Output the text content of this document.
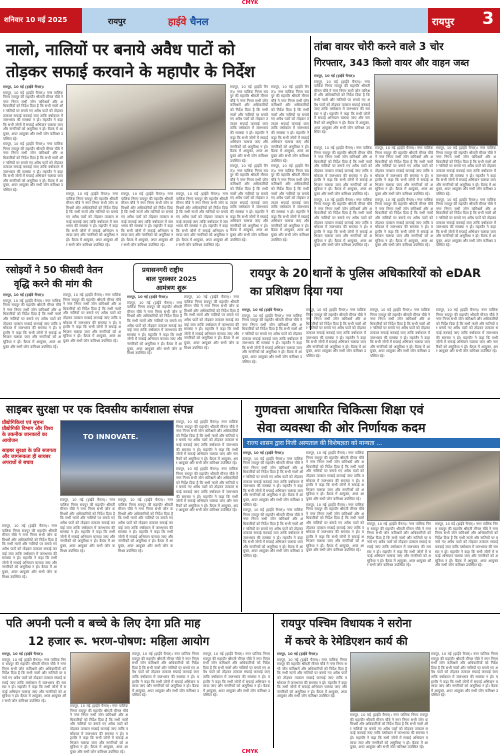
CMYK
शनिवार 10 मई 2025	रायपुर	हाईवे चैनल	रायपुर 3
नालो, नालियों पर बनाये अवैध पाटों को
तोड़कर सफाई करवाने के महापौर के निर्देश

रायपुर, 10 मई (हाईवे चैनल)।

रायपुर, 10 मई (हाईवे चैनल)। नगर पालिक निगम रायपुर की महापौर श्रीमती मीनल चौबे ने नगर निगम सभी जोन कमिश्नरों और अधिकारियों को निर्देश दिया है कि सभी नालों और नालियों पर बनाये गए अवैध पाटों को तोड़कर तत्काल सफाई करवाई जाए ताकि वर्षाकाल में जलभराव की समस्या न हो। महापौर ने कहा कि सभी जोनों में सफाई अभियान चलाया जाए और नागरिकों को असुविधा न हो। बैठक में आयुक्त, अपर आयुक्त और सभी जोन कमिश्नर उपस्थित रहे।

रायपुर, 10 मई (हाईवे चैनल)। नगर पालिक निगम रायपुर की महापौर श्रीमती मीनल चौबे ने नगर निगम सभी जोन कमिश्नरों और अधिकारियों को निर्देश दिया है कि सभी नालों और नालियों पर बनाये गए अवैध पाटों को तोड़कर तत्काल सफाई करवाई जाए ताकि वर्षाकाल में जलभराव की समस्या न हो। महापौर ने कहा कि सभी जोनों में सफाई अभियान चलाया जाए और नागरिकों को असुविधा न हो। बैठक में आयुक्त, अपर आयुक्त और सभी जोन कमिश्नर उपस्थित रहे।

रायपुर, 10 मई (हाईवे चैनल)। नगर पालिक निगम रायपुर की महापौर श्रीमती मीनल चौबे ने नगर निगम सभी जोन कमिश्नरों और अधिकारियों को निर्देश दिया है कि सभी नालों और नालियों पर बनाये गए अवैध पाटों को तोड़कर तत्काल सफाई करवाई जाए ताकि वर्षाकाल में जलभराव की समस्या न हो। महापौर ने कहा कि सभी जोनों में सफाई अभियान चलाया जाए और नागरिकों को असुविधा न हो। बैठक में आयुक्त, अपर आयुक्त और सभी जोन कमिश्नर उपस्थित रहे।

रायपुर, 10 मई (हाईवे चैनल)। नगर पालिक निगम रायपुर की महापौर श्रीमती मीनल चौबे ने नगर निगम सभी जोन कमिश्नरों और अधिकारियों को निर्देश दिया है कि सभी नालों और नालियों पर बनाये गए अवैध पाटों को तोड़कर तत्काल सफाई करवाई जाए ताकि वर्षाकाल में जलभराव की समस्या न हो। महापौर ने कहा कि सभी जोनों में सफाई अभियान चलाया जाए और नागरिकों को असुविधा न हो। बैठक में आयुक्त, अपर आयुक्त और सभी जोन कमिश्नर उपस्थित रहे।

रायपुर, 10 मई (हाईवे चैनल)। नगर पालिक निगम रायपुर की महापौर श्रीमती मीनल चौबे ने नगर निगम सभी जोन कमिश्नरों और अधिकारियों को निर्देश दिया है कि सभी नालों और नालियों पर बनाये गए अवैध पाटों को तोड़कर तत्काल सफाई करवाई जाए ताकि वर्षाकाल में जलभराव की समस्या न हो। महापौर ने कहा कि सभी जोनों में सफाई अभियान चलाया जाए और नागरिकों को असुविधा न हो। बैठक में आयुक्त, अपर आयुक्त और सभी जोन कमिश्नर उपस्थित रहे।

रायपुर, 10 मई (हाईवे चैनल)। नगर पालिक निगम रायपुर की महापौर श्रीमती मीनल चौबे ने नगर निगम सभी जोन कमिश्नरों और अधिकारियों को निर्देश दिया है कि सभी नालों और नालियों पर बनाये गए अवैध पाटों को तोड़कर तत्काल सफाई करवाई जाए ताकि वर्षाकाल में जलभराव की समस्या न हो। महापौर ने कहा कि सभी जोनों में सफाई अभियान चलाया जाए और नागरिकों को असुविधा न हो। बैठक में आयुक्त, अपर आयुक्त और सभी जोन कमिश्नर उपस्थित रहे।

रायपुर, 10 मई (हाईवे चैनल)। नगर पालिक निगम रायपुर की महापौर श्रीमती मीनल चौबे ने नगर निगम सभी जोन कमिश्नरों और अधिकारियों को निर्देश दिया है कि सभी नालों और नालियों पर बनाये गए अवैध पाटों को तोड़कर तत्काल सफाई करवाई जाए ताकि वर्षाकाल में जलभराव की समस्या न हो। महापौर ने कहा कि सभी जोनों में सफाई अभियान चलाया जाए और नागरिकों को असुविधा न हो। बैठक में आयुक्त, अपर आयुक्त और सभी जोन कमिश्नर उपस्थित रहे।

रायपुर, 10 मई (हाईवे चैनल)। नगर पालिक निगम रायपुर की महापौर श्रीमती मीनल चौबे ने नगर निगम सभी जोन कमिश्नरों और अधिकारियों को निर्देश दिया है कि सभी नालों और नालियों पर बनाये गए अवैध पाटों को तोड़कर तत्काल सफाई करवाई जाए ताकि वर्षाकाल में जलभराव की समस्या न हो। महापौर ने कहा कि सभी जोनों में सफाई अभियान चलाया जाए और नागरिकों को असुविधा न हो। बैठक में आयुक्त, अपर आयुक्त और सभी जोन कमिश्नर उपस्थित रहे।

रायपुर, 10 मई (हाईवे चैनल)। नगर पालिक निगम रायपुर की महापौर श्रीमती मीनल चौबे ने नगर निगम सभी जोन कमिश्नरों और अधिकारियों को निर्देश दिया है कि सभी नालों और नालियों पर बनाये गए अवैध पाटों को तोड़कर तत्काल सफाई करवाई जाए ताकि वर्षाकाल में जलभराव की समस्या न हो। महापौर ने कहा कि सभी जोनों में सफाई अभियान चलाया जाए और नागरिकों को असुविधा न हो। बैठक में आयुक्त, अपर आयुक्त और सभी जोन कमिश्नर उपस्थित रहे।

तांबा वायर चोरी करने वाले 3 चोर
गिरफ्तार, 343 किलो वायर और वाहन जब्त

रायपुर, 10 मई (हाईवे चैनल)।

रायपुर, 10 मई (हाईवे चैनल)। नगर पालिक निगम रायपुर की महापौर श्रीमती मीनल चौबे ने नगर निगम सभी जोन कमिश्नरों और अधिकारियों को निर्देश दिया है कि सभी नालों और नालियों पर बनाये गए अवैध पाटों को तोड़कर तत्काल सफाई करवाई जाए ताकि वर्षाकाल में जलभराव की समस्या न हो। महापौर ने कहा कि सभी जोनों में सफाई अभियान चलाया जाए और नागरिकों को असुविधा न हो। बैठक में आयुक्त, अपर आयुक्त और सभी जोन कमिश्नर उपस्थित रहे।

रायपुर, 10 मई (हाईवे चैनल)। नगर पालिक निगम रायपुर की महापौर श्रीमती मीनल चौबे ने नगर निगम सभी जोन कमिश्नरों और अधिकारियों को निर्देश दिया है कि सभी नालों और नालियों पर बनाये गए अवैध पाटों को तोड़कर तत्काल सफाई करवाई जाए ताकि वर्षाकाल में जलभराव की समस्या न हो। महापौर ने कहा कि सभी जोनों में सफाई अभियान चलाया जाए और नागरिकों को असुविधा न हो। बैठक में आयुक्त, अपर आयुक्त और सभी जोन कमिश्नर उपस्थित रहे।

रायपुर, 10 मई (हाईवे चैनल)। नगर पालिक निगम रायपुर की महापौर श्रीमती मीनल चौबे ने नगर निगम सभी जोन कमिश्नरों और अधिकारियों को निर्देश दिया है कि सभी नालों और नालियों पर बनाये गए अवैध पाटों को तोड़कर तत्काल सफाई करवाई जाए ताकि वर्षाकाल में जलभराव की समस्या न हो। महापौर ने कहा कि सभी जोनों में सफाई अभियान चलाया जाए और नागरिकों को असुविधा न हो। बैठक में आयुक्त, अपर आयुक्त और सभी जोन कमिश्नर उपस्थित रहे।

रायपुर, 10 मई (हाईवे चैनल)। नगर पालिक निगम रायपुर की महापौर श्रीमती मीनल चौबे ने नगर निगम सभी जोन कमिश्नरों और अधिकारियों को निर्देश दिया है कि सभी नालों और नालियों पर बनाये गए अवैध पाटों को तोड़कर तत्काल सफाई करवाई जाए ताकि वर्षाकाल में जलभराव की समस्या न हो। महापौर ने कहा कि सभी जोनों में सफाई अभियान चलाया जाए और नागरिकों को असुविधा न हो। बैठक में आयुक्त, अपर आयुक्त और सभी जोन कमिश्नर उपस्थित रहे।

रायपुर, 10 मई (हाईवे चैनल)। नगर पालिक निगम रायपुर की महापौर श्रीमती मीनल चौबे ने नगर निगम सभी जोन कमिश्नरों और अधिकारियों को निर्देश दिया है कि सभी नालों और नालियों पर बनाये गए अवैध पाटों को तोड़कर तत्काल सफाई करवाई जाए ताकि वर्षाकाल में जलभराव की समस्या न हो। महापौर ने कहा कि सभी जोनों में सफाई अभियान चलाया जाए और नागरिकों को असुविधा न हो। बैठक में आयुक्त, अपर आयुक्त और सभी जोन कमिश्नर उपस्थित रहे।

रायपुर, 10 मई (हाईवे चैनल)। नगर पालिक निगम रायपुर की महापौर श्रीमती मीनल चौबे ने नगर निगम सभी जोन कमिश्नरों और अधिकारियों को निर्देश दिया है कि सभी नालों और नालियों पर बनाये गए अवैध पाटों को तोड़कर तत्काल सफाई करवाई जाए ताकि वर्षाकाल में जलभराव की समस्या न हो। महापौर ने कहा कि सभी जोनों में सफाई अभियान चलाया जाए और नागरिकों को असुविधा न हो। बैठक में आयुक्त, अपर आयुक्त और सभी जोन कमिश्नर उपस्थित रहे।

रायपुर, 10 मई (हाईवे चैनल)। नगर पालिक निगम रायपुर की महापौर श्रीमती मीनल चौबे ने नगर निगम सभी जोन कमिश्नरों और अधिकारियों को निर्देश दिया है कि सभी नालों और नालियों पर बनाये गए अवैध पाटों को तोड़कर तत्काल सफाई करवाई जाए ताकि वर्षाकाल में जलभराव की समस्या न हो। महापौर ने कहा कि सभी जोनों में सफाई अभियान चलाया जाए और नागरिकों को असुविधा न हो। बैठक में आयुक्त, अपर आयुक्त और सभी जोन कमिश्नर उपस्थित रहे।

रसोइयों ने 50 फीसदी वेतन
वृद्धि करने की मांग की

रायपुर, 10 मई (हाईवे चैनल)।

रायपुर, 10 मई (हाईवे चैनल)। नगर पालिक निगम रायपुर की महापौर श्रीमती मीनल चौबे ने नगर निगम सभी जोन कमिश्नरों और अधिकारियों को निर्देश दिया है कि सभी नालों और नालियों पर बनाये गए अवैध पाटों को तोड़कर तत्काल सफाई करवाई जाए ताकि वर्षाकाल में जलभराव की समस्या न हो। महापौर ने कहा कि सभी जोनों में सफाई अभियान चलाया जाए और नागरिकों को असुविधा न हो। बैठक में आयुक्त, अपर आयुक्त और सभी जोन कमिश्नर उपस्थित रहे।

रायपुर, 10 मई (हाईवे चैनल)। नगर पालिक निगम रायपुर की महापौर श्रीमती मीनल चौबे ने नगर निगम सभी जोन कमिश्नरों और अधिकारियों को निर्देश दिया है कि सभी नालों और नालियों पर बनाये गए अवैध पाटों को तोड़कर तत्काल सफाई करवाई जाए ताकि वर्षाकाल में जलभराव की समस्या न हो। महापौर ने कहा कि सभी जोनों में सफाई अभियान चलाया जाए और नागरिकों को असुविधा न हो। बैठक में आयुक्त, अपर आयुक्त और सभी जोन कमिश्नर उपस्थित रहे।

प्रयासनगरी राष्ट्रीय
बाल पुरस्कार 2025
आमंत्रण शुरू

रायपुर, 10 मई (हाईवे चैनल)।

रायपुर, 10 मई (हाईवे चैनल)। नगर पालिक निगम रायपुर की महापौर श्रीमती मीनल चौबे ने नगर निगम सभी जोन कमिश्नरों और अधिकारियों को निर्देश दिया है कि सभी नालों और नालियों पर बनाये गए अवैध पाटों को तोड़कर तत्काल सफाई करवाई जाए ताकि वर्षाकाल में जलभराव की समस्या न हो। महापौर ने कहा कि सभी जोनों में सफाई अभियान चलाया जाए और नागरिकों को असुविधा न हो। बैठक में आयुक्त, अपर आयुक्त और सभी जोन कमिश्नर उपस्थित रहे।

रायपुर, 10 मई (हाईवे चैनल)। नगर पालिक निगम रायपुर की महापौर श्रीमती मीनल चौबे ने नगर निगम सभी जोन कमिश्नरों और अधिकारियों को निर्देश दिया है कि सभी नालों और नालियों पर बनाये गए अवैध पाटों को तोड़कर तत्काल सफाई करवाई जाए ताकि वर्षाकाल में जलभराव की समस्या न हो। महापौर ने कहा कि सभी जोनों में सफाई अभियान चलाया जाए और नागरिकों को असुविधा न हो। बैठक में आयुक्त, अपर आयुक्त और सभी जोन कमिश्नर उपस्थित रहे।

रायपुर के 20 थानों के पुलिस अधिकारियों को eDAR का प्रशिक्षण दिया गया

रायपुर, 10 मई (हाईवे चैनल)।

रायपुर, 10 मई (हाईवे चैनल)। नगर पालिक निगम रायपुर की महापौर श्रीमती मीनल चौबे ने नगर निगम सभी जोन कमिश्नरों और अधिकारियों को निर्देश दिया है कि सभी नालों और नालियों पर बनाये गए अवैध पाटों को तोड़कर तत्काल सफाई करवाई जाए ताकि वर्षाकाल में जलभराव की समस्या न हो। महापौर ने कहा कि सभी जोनों में सफाई अभियान चलाया जाए और नागरिकों को असुविधा न हो। बैठक में आयुक्त, अपर आयुक्त और सभी जोन कमिश्नर उपस्थित रहे।

रायपुर, 10 मई (हाईवे चैनल)। नगर पालिक निगम रायपुर की महापौर श्रीमती मीनल चौबे ने नगर निगम सभी जोन कमिश्नरों और अधिकारियों को निर्देश दिया है कि सभी नालों और नालियों पर बनाये गए अवैध पाटों को तोड़कर तत्काल सफाई करवाई जाए ताकि वर्षाकाल में जलभराव की समस्या न हो। महापौर ने कहा कि सभी जोनों में सफाई अभियान चलाया जाए और नागरिकों को असुविधा न हो। बैठक में आयुक्त, अपर आयुक्त और सभी जोन कमिश्नर उपस्थित रहे।

रायपुर, 10 मई (हाईवे चैनल)। नगर पालिक निगम रायपुर की महापौर श्रीमती मीनल चौबे ने नगर निगम सभी जोन कमिश्नरों और अधिकारियों को निर्देश दिया है कि सभी नालों और नालियों पर बनाये गए अवैध पाटों को तोड़कर तत्काल सफाई करवाई जाए ताकि वर्षाकाल में जलभराव की समस्या न हो। महापौर ने कहा कि सभी जोनों में सफाई अभियान चलाया जाए और नागरिकों को असुविधा न हो। बैठक में आयुक्त, अपर आयुक्त और सभी जोन कमिश्नर उपस्थित रहे।

रायपुर, 10 मई (हाईवे चैनल)। नगर पालिक निगम रायपुर की महापौर श्रीमती मीनल चौबे ने नगर निगम सभी जोन कमिश्नरों और अधिकारियों को निर्देश दिया है कि सभी नालों और नालियों पर बनाये गए अवैध पाटों को तोड़कर तत्काल सफाई करवाई जाए ताकि वर्षाकाल में जलभराव की समस्या न हो। महापौर ने कहा कि सभी जोनों में सफाई अभियान चलाया जाए और नागरिकों को असुविधा न हो। बैठक में आयुक्त, अपर आयुक्त और सभी जोन कमिश्नर उपस्थित रहे।

साइबर सुरक्षा पर एक दिवसीय कार्यशाला संपन्न
प्रौद्योगिकियां एवं सूचना प्रौद्योगिकी विभाग और विश्व के तकनीक जानकारों का आयोजन
साइबर सुरक्षा के प्रति सजगता और जागरूकता ही सायबर अपराधों से बचाव
TO INNOVATE.

रायपुर, 10 मई (हाईवे चैनल)। नगर पालिक निगम रायपुर की महापौर श्रीमती मीनल चौबे ने नगर निगम सभी जोन कमिश्नरों और अधिकारियों को निर्देश दिया है कि सभी नालों और नालियों पर बनाये गए अवैध पाटों को तोड़कर तत्काल सफाई करवाई जाए ताकि वर्षाकाल में जलभराव की समस्या न हो। महापौर ने कहा कि सभी जोनों में सफाई अभियान चलाया जाए और नागरिकों को असुविधा न हो। बैठक में आयुक्त, अपर आयुक्त और सभी जोन कमिश्नर उपस्थित रहे।

रायपुर, 10 मई (हाईवे चैनल)। नगर पालिक निगम रायपुर की महापौर श्रीमती मीनल चौबे ने नगर निगम सभी जोन कमिश्नरों और अधिकारियों को निर्देश दिया है कि सभी नालों और नालियों पर बनाये गए अवैध पाटों को तोड़कर तत्काल सफाई करवाई जाए ताकि वर्षाकाल में जलभराव की समस्या न हो। महापौर ने कहा कि सभी जोनों में सफाई अभियान चलाया जाए और नागरिकों को असुविधा न हो। बैठक में आयुक्त, अपर आयुक्त और सभी जोन कमिश्नर उपस्थित रहे।

रायपुर, 10 मई (हाईवे चैनल)। नगर पालिक निगम रायपुर की महापौर श्रीमती मीनल चौबे ने नगर निगम सभी जोन कमिश्नरों और अधिकारियों को निर्देश दिया है कि सभी नालों और नालियों पर बनाये गए अवैध पाटों को तोड़कर तत्काल सफाई करवाई जाए ताकि वर्षाकाल में जलभराव की समस्या न हो। महापौर ने कहा कि सभी जोनों में सफाई अभियान चलाया जाए और नागरिकों को असुविधा न हो। बैठक में आयुक्त, अपर आयुक्त और सभी जोन कमिश्नर उपस्थित रहे।

रायपुर, 10 मई (हाईवे चैनल)। नगर पालिक निगम रायपुर की महापौर श्रीमती मीनल चौबे ने नगर निगम सभी जोन कमिश्नरों और अधिकारियों को निर्देश दिया है कि सभी नालों और नालियों पर बनाये गए अवैध पाटों को तोड़कर तत्काल सफाई करवाई जाए ताकि वर्षाकाल में जलभराव की समस्या न हो। महापौर ने कहा कि सभी जोनों में सफाई अभियान चलाया जाए और नागरिकों को असुविधा न हो। बैठक में आयुक्त, अपर आयुक्त और सभी जोन कमिश्नर उपस्थित रहे।

रायपुर, 10 मई (हाईवे चैनल)। नगर पालिक निगम रायपुर की महापौर श्रीमती मीनल चौबे ने नगर निगम सभी जोन कमिश्नरों और अधिकारियों को निर्देश दिया है कि सभी नालों और नालियों पर बनाये गए अवैध पाटों को तोड़कर तत्काल सफाई करवाई जाए ताकि वर्षाकाल में जलभराव की समस्या न हो। महापौर ने कहा कि सभी जोनों में सफाई अभियान चलाया जाए और नागरिकों को असुविधा न हो। बैठक में आयुक्त, अपर आयुक्त और सभी जोन कमिश्नर उपस्थित रहे।

गुणवत्ता आधारित चिकित्सा शिक्षा एवं
सेवा व्यवस्था की ओर निर्णायक कदम
राज्य शासन द्वारा निजी अस्पताल की विशेषज्ञता को मान्यता ...

रायपुर, 10 मई (हाईवे चैनल)।

रायपुर, 10 मई (हाईवे चैनल)। नगर पालिक निगम रायपुर की महापौर श्रीमती मीनल चौबे ने नगर निगम सभी जोन कमिश्नरों और अधिकारियों को निर्देश दिया है कि सभी नालों और नालियों पर बनाये गए अवैध पाटों को तोड़कर तत्काल सफाई करवाई जाए ताकि वर्षाकाल में जलभराव की समस्या न हो। महापौर ने कहा कि सभी जोनों में सफाई अभियान चलाया जाए और नागरिकों को असुविधा न हो। बैठक में आयुक्त, अपर आयुक्त और सभी जोन कमिश्नर उपस्थित रहे।

रायपुर, 10 मई (हाईवे चैनल)। नगर पालिक निगम रायपुर की महापौर श्रीमती मीनल चौबे ने नगर निगम सभी जोन कमिश्नरों और अधिकारियों को निर्देश दिया है कि सभी नालों और नालियों पर बनाये गए अवैध पाटों को तोड़कर तत्काल सफाई करवाई जाए ताकि वर्षाकाल में जलभराव की समस्या न हो। महापौर ने कहा कि सभी जोनों में सफाई अभियान चलाया जाए और नागरिकों को असुविधा न हो। बैठक में आयुक्त, अपर आयुक्त और सभी जोन कमिश्नर उपस्थित रहे।

रायपुर, 10 मई (हाईवे चैनल)। नगर पालिक निगम रायपुर की महापौर श्रीमती मीनल चौबे ने नगर निगम सभी जोन कमिश्नरों और अधिकारियों को निर्देश दिया है कि सभी नालों और नालियों पर बनाये गए अवैध पाटों को तोड़कर तत्काल सफाई करवाई जाए ताकि वर्षाकाल में जलभराव की समस्या न हो। महापौर ने कहा कि सभी जोनों में सफाई अभियान चलाया जाए और नागरिकों को असुविधा न हो। बैठक में आयुक्त, अपर आयुक्त और सभी जोन कमिश्नर उपस्थित रहे।

रायपुर, 10 मई (हाईवे चैनल)। नगर पालिक निगम रायपुर की महापौर श्रीमती मीनल चौबे ने नगर निगम सभी जोन कमिश्नरों और अधिकारियों को निर्देश दिया है कि सभी नालों और नालियों पर बनाये गए अवैध पाटों को तोड़कर तत्काल सफाई करवाई जाए ताकि वर्षाकाल में जलभराव की समस्या न हो। महापौर ने कहा कि सभी जोनों में सफाई अभियान चलाया जाए और नागरिकों को असुविधा न हो। बैठक में आयुक्त, अपर आयुक्त और सभी जोन कमिश्नर उपस्थित रहे।

रायपुर, 10 मई (हाईवे चैनल)। नगर पालिक निगम रायपुर की महापौर श्रीमती मीनल चौबे ने नगर निगम सभी जोन कमिश्नरों और अधिकारियों को निर्देश दिया है कि सभी नालों और नालियों पर बनाये गए अवैध पाटों को तोड़कर तत्काल सफाई करवाई जाए ताकि वर्षाकाल में जलभराव की समस्या न हो। महापौर ने कहा कि सभी जोनों में सफाई अभियान चलाया जाए और नागरिकों को असुविधा न हो। बैठक में आयुक्त, अपर आयुक्त और सभी जोन कमिश्नर उपस्थित रहे।

रायपुर, 10 मई (हाईवे चैनल)। नगर पालिक निगम रायपुर की महापौर श्रीमती मीनल चौबे ने नगर निगम सभी जोन कमिश्नरों और अधिकारियों को निर्देश दिया है कि सभी नालों और नालियों पर बनाये गए अवैध पाटों को तोड़कर तत्काल सफाई करवाई जाए ताकि वर्षाकाल में जलभराव की समस्या न हो। महापौर ने कहा कि सभी जोनों में सफाई अभियान चलाया जाए और नागरिकों को असुविधा न हो। बैठक में आयुक्त, अपर आयुक्त और सभी जोन कमिश्नर उपस्थित रहे।

पति अपनी पत्नी व बच्चे के लिए देगा प्रति माह
12 हजार रू. भरण-पोषण: महिला आयोग

रायपुर, 10 मई (हाईवे चैनल)।

रायपुर, 10 मई (हाईवे चैनल)। नगर पालिक निगम रायपुर की महापौर श्रीमती मीनल चौबे ने नगर निगम सभी जोन कमिश्नरों और अधिकारियों को निर्देश दिया है कि सभी नालों और नालियों पर बनाये गए अवैध पाटों को तोड़कर तत्काल सफाई करवाई जाए ताकि वर्षाकाल में जलभराव की समस्या न हो। महापौर ने कहा कि सभी जोनों में सफाई अभियान चलाया जाए और नागरिकों को असुविधा न हो। बैठक में आयुक्त, अपर आयुक्त और सभी जोन कमिश्नर उपस्थित रहे।

रायपुर, 10 मई (हाईवे चैनल)। नगर पालिक निगम रायपुर की महापौर श्रीमती मीनल चौबे ने नगर निगम सभी जोन कमिश्नरों और अधिकारियों को निर्देश दिया है कि सभी नालों और नालियों पर बनाये गए अवैध पाटों को तोड़कर तत्काल सफाई करवाई जाए ताकि वर्षाकाल में जलभराव की समस्या न हो। महापौर ने कहा कि सभी जोनों में सफाई अभियान चलाया जाए और नागरिकों को असुविधा न हो। बैठक में आयुक्त, अपर आयुक्त और सभी जोन कमिश्नर उपस्थित रहे।

रायपुर, 10 मई (हाईवे चैनल)। नगर पालिक निगम रायपुर की महापौर श्रीमती मीनल चौबे ने नगर निगम सभी जोन कमिश्नरों और अधिकारियों को निर्देश दिया है कि सभी नालों और नालियों पर बनाये गए अवैध पाटों को तोड़कर तत्काल सफाई करवाई जाए ताकि वर्षाकाल में जलभराव की समस्या न हो। महापौर ने कहा कि सभी जोनों में सफाई अभियान चलाया जाए और नागरिकों को असुविधा न हो। बैठक में आयुक्त, अपर आयुक्त और सभी जोन कमिश्नर उपस्थित रहे।

रायपुर, 10 मई (हाईवे चैनल)। नगर पालिक निगम रायपुर की महापौर श्रीमती मीनल चौबे ने नगर निगम सभी जोन कमिश्नरों और अधिकारियों को निर्देश दिया है कि सभी नालों और नालियों पर बनाये गए अवैध पाटों को तोड़कर तत्काल सफाई करवाई जाए ताकि वर्षाकाल में जलभराव की समस्या न हो। महापौर ने कहा कि सभी जोनों में सफाई अभियान चलाया जाए और नागरिकों को असुविधा न हो। बैठक में आयुक्त, अपर आयुक्त और सभी जोन कमिश्नर उपस्थित रहे।

रायपुर पश्चिम विधायक ने सरोना
में कचरे के रेमेडिएशन कार्य की

रायपुर, 10 मई (हाईवे चैनल)।

रायपुर, 10 मई (हाईवे चैनल)। नगर पालिक निगम रायपुर की महापौर श्रीमती मीनल चौबे ने नगर निगम सभी जोन कमिश्नरों और अधिकारियों को निर्देश दिया है कि सभी नालों और नालियों पर बनाये गए अवैध पाटों को तोड़कर तत्काल सफाई करवाई जाए ताकि वर्षाकाल में जलभराव की समस्या न हो। महापौर ने कहा कि सभी जोनों में सफाई अभियान चलाया जाए और नागरिकों को असुविधा न हो। बैठक में आयुक्त, अपर आयुक्त और सभी जोन कमिश्नर उपस्थित रहे।

रायपुर, 10 मई (हाईवे चैनल)। नगर पालिक निगम रायपुर की महापौर श्रीमती मीनल चौबे ने नगर निगम सभी जोन कमिश्नरों और अधिकारियों को निर्देश दिया है कि सभी नालों और नालियों पर बनाये गए अवैध पाटों को तोड़कर तत्काल सफाई करवाई जाए ताकि वर्षाकाल में जलभराव की समस्या न हो। महापौर ने कहा कि सभी जोनों में सफाई अभियान चलाया जाए और नागरिकों को असुविधा न हो। बैठक में आयुक्त, अपर आयुक्त और सभी जोन कमिश्नर उपस्थित रहे।

रायपुर, 10 मई (हाईवे चैनल)। नगर पालिक निगम रायपुर की महापौर श्रीमती मीनल चौबे ने नगर निगम सभी जोन कमिश्नरों और अधिकारियों को निर्देश दिया है कि सभी नालों और नालियों पर बनाये गए अवैध पाटों को तोड़कर तत्काल सफाई करवाई जाए ताकि वर्षाकाल में जलभराव की समस्या न हो। महापौर ने कहा कि सभी जोनों में सफाई अभियान चलाया जाए और नागरिकों को असुविधा न हो। बैठक में आयुक्त, अपर आयुक्त और सभी जोन कमिश्नर उपस्थित रहे।

CMYK
